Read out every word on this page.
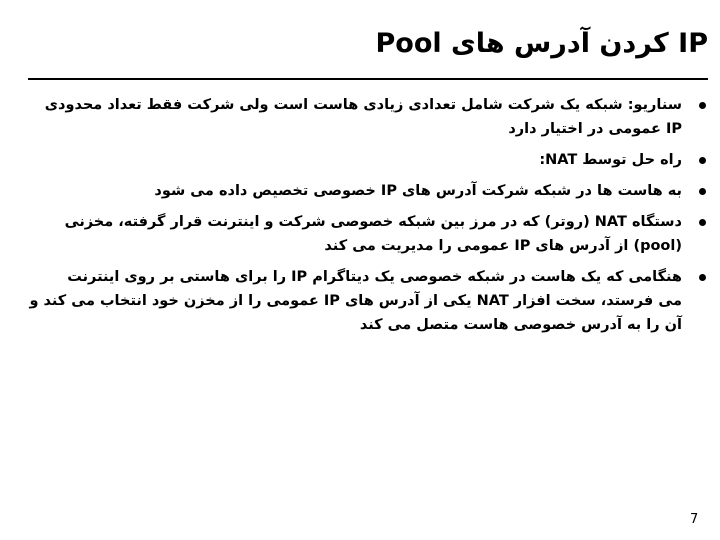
Pool کردن آدرس های IP
سناریو: شبکه یک شرکت شامل تعدادی زیادی هاست است ولی شرکت فقط تعداد محدودی
IP عمومی در اختیار دارد
راه حل توسط NAT:
به هاست ها در شبکه شرکت آدرس های IP خصوصی تخصیص داده می شود
دستگاه NAT (روتر) که در مرز بین شبکه خصوصی شرکت و اینترنت قرار گرفته، مخزنی
(pool) از آدرس های IP عمومی را مدیریت می کند
هنگامی که یک هاست در شبکه خصوصی یک دیتاگرام IP را برای هاستی بر روی اینترنت
می فرستد، سخت افزار NAT یکی از آدرس های IP عمومی را از مخزن خود انتخاب می کند و
آن را به آدرس خصوصی هاست متصل می کند
7
